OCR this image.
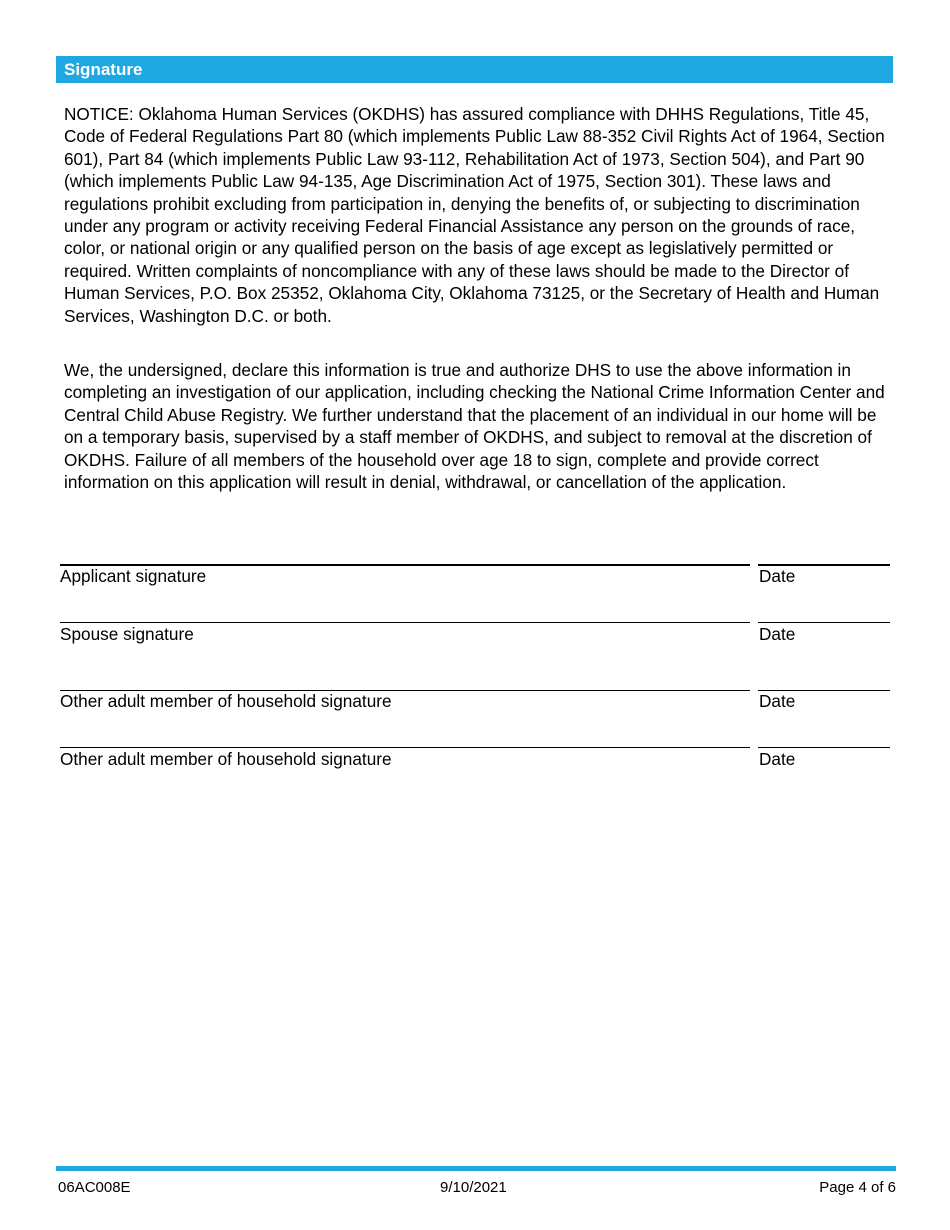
Signature

NOTICE: Oklahoma Human Services (OKDHS) has assured compliance with DHHS Regulations, Title 45, Code of Federal Regulations Part 80 (which implements Public Law 88-352 Civil Rights Act of 1964, Section 601), Part 84 (which implements Public Law 93-112, Rehabilitation Act of 1973, Section 504), and Part 90 (which implements Public Law 94-135, Age Discrimination Act of 1975, Section 301). These laws and regulations prohibit excluding from participation in, denying the benefits of, or subjecting to discrimination under any program or activity receiving Federal Financial Assistance any person on the grounds of race, color, or national origin or any qualified person on the basis of age except as legislatively permitted or required. Written complaints of noncompliance with any of these laws should be made to the Director of Human Services, P.O. Box 25352, Oklahoma City, Oklahoma 73125, or the Secretary of Health and Human Services, Washington D.C. or both.

We, the undersigned, declare this information is true and authorize DHS to use the above information in completing an investigation of our application, including checking the National Crime Information Center and Central Child Abuse Registry. We further understand that the placement of an individual in our home will be on a temporary basis, supervised by a staff member of OKDHS, and subject to removal at the discretion of OKDHS. Failure of all members of the household over age 18 to sign, complete and provide correct information on this application will result in denial, withdrawal, or cancellation of the application.

Applicant signature	Date
Spouse signature	Date
Other adult member of household signature	Date
Other adult member of household signature	Date
06AC008E	9/10/2021	Page 4 of 6
